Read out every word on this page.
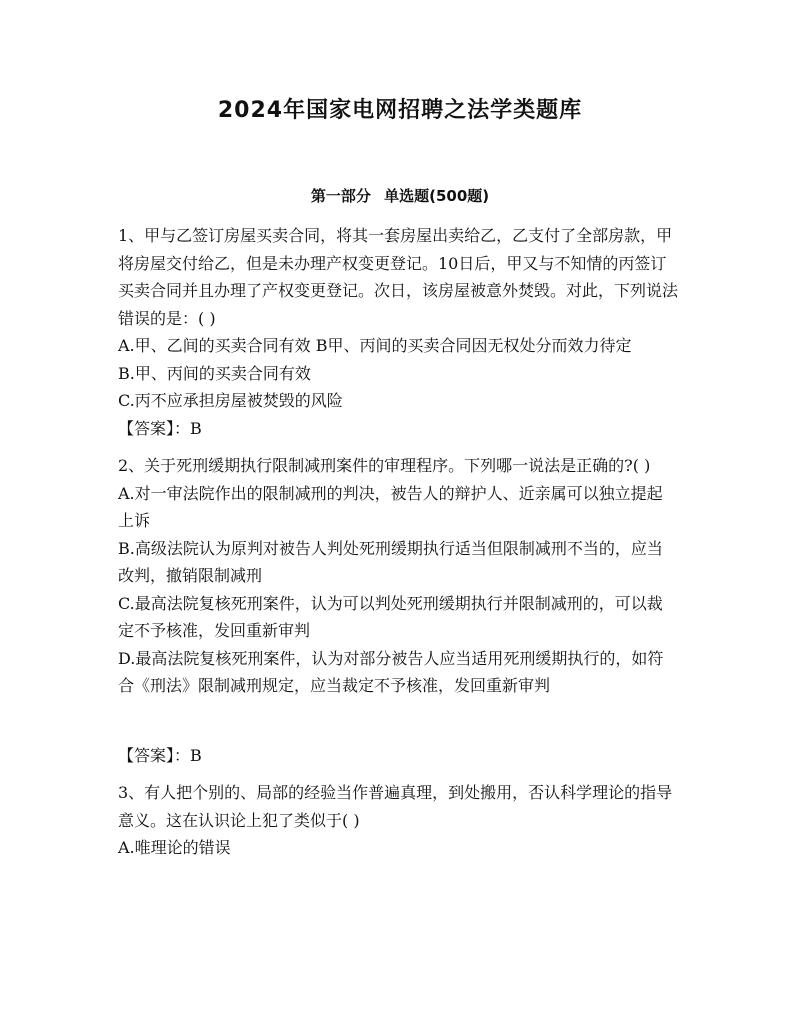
2024年国家电网招聘之法学类题库
第一部分 单选题(500题)

1、甲与乙签订房屋买卖合同，将其一套房屋出卖给乙，乙支付了全部房款，甲将房屋交付给乙，但是未办理产权变更登记。10日后，甲又与不知情的丙签订买卖合同并且办理了产权变更登记。次日，该房屋被意外焚毁。对此，下列说法错误的是：( )

A.甲、乙间的买卖合同有效 B甲、丙间的买卖合同因无权处分而效力待定

B.甲、丙间的买卖合同有效

C.丙不应承担房屋被焚毁的风险

【答案】：B

2、关于死刑缓期执行限制减刑案件的审理程序。下列哪一说法是正确的?( )

A.对一审法院作出的限制减刑的判决，被告人的辩护人、近亲属可以独立提起上诉

B.高级法院认为原判对被告人判处死刑缓期执行适当但限制减刑不当的，应当改判，撤销限制减刑

C.最高法院复核死刑案件，认为可以判处死刑缓期执行并限制减刑的，可以裁定不予核准，发回重新审判

D.最高法院复核死刑案件，认为对部分被告人应当适用死刑缓期执行的，如符合《刑法》限制减刑规定，应当裁定不予核准，发回重新审判

【答案】：B

3、有人把个别的、局部的经验当作普遍真理，到处搬用，否认科学理论的指导意义。这在认识论上犯了类似于( )

A.唯理论的错误
